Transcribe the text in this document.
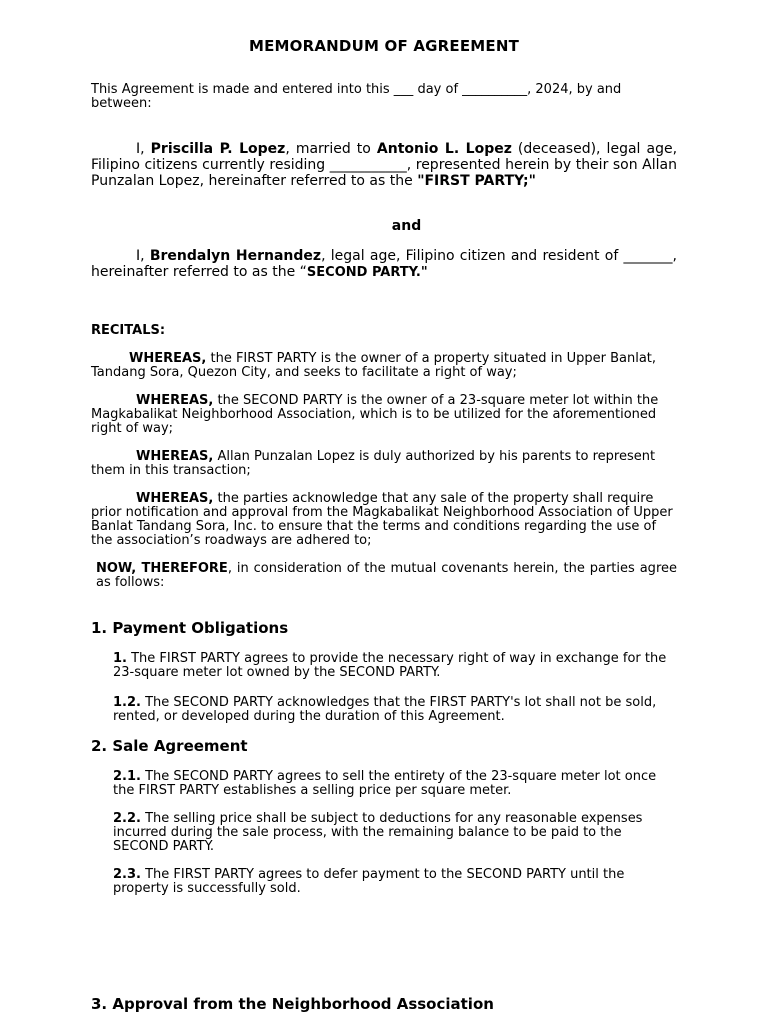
MEMORANDUM OF AGREEMENT
This Agreement is made and entered into this ___ day of __________, 2024, by and between:
I, Priscilla P. Lopez, married to Antonio L. Lopez (deceased), legal age, Filipino citizens currently residing ___________, represented herein by their son Allan Punzalan Lopez, hereinafter referred to as the "FIRST PARTY;"
and
I, Brendalyn Hernandez, legal age, Filipino citizen and resident of _______, hereinafter referred to as the “SECOND PARTY."
RECITALS:
WHEREAS, the FIRST PARTY is the owner of a property situated in Upper Banlat, Tandang Sora, Quezon City, and seeks to facilitate a right of way;
WHEREAS, the SECOND PARTY is the owner of a 23-square meter lot within the Magkabalikat Neighborhood Association, which is to be utilized for the aforementioned right of way;
WHEREAS, Allan Punzalan Lopez is duly authorized by his parents to represent them in this transaction;
WHEREAS, the parties acknowledge that any sale of the property shall require prior notification and approval from the Magkabalikat Neighborhood Association of Upper Banlat Tandang Sora, Inc. to ensure that the terms and conditions regarding the use of the association’s roadways are adhered to;
NOW, THEREFORE, in consideration of the mutual covenants herein, the parties agree as follows:
1. Payment Obligations
1. The FIRST PARTY agrees to provide the necessary right of way in exchange for the 23-square meter lot owned by the SECOND PARTY.
1.2. The SECOND PARTY acknowledges that the FIRST PARTY's lot shall not be sold, rented, or developed during the duration of this Agreement.
2. Sale Agreement
2.1. The SECOND PARTY agrees to sell the entirety of the 23-square meter lot once the FIRST PARTY establishes a selling price per square meter.
2.2. The selling price shall be subject to deductions for any reasonable expenses incurred during the sale process, with the remaining balance to be paid to the SECOND PARTY.
2.3. The FIRST PARTY agrees to defer payment to the SECOND PARTY until the property is successfully sold.
3. Approval from the Neighborhood Association
